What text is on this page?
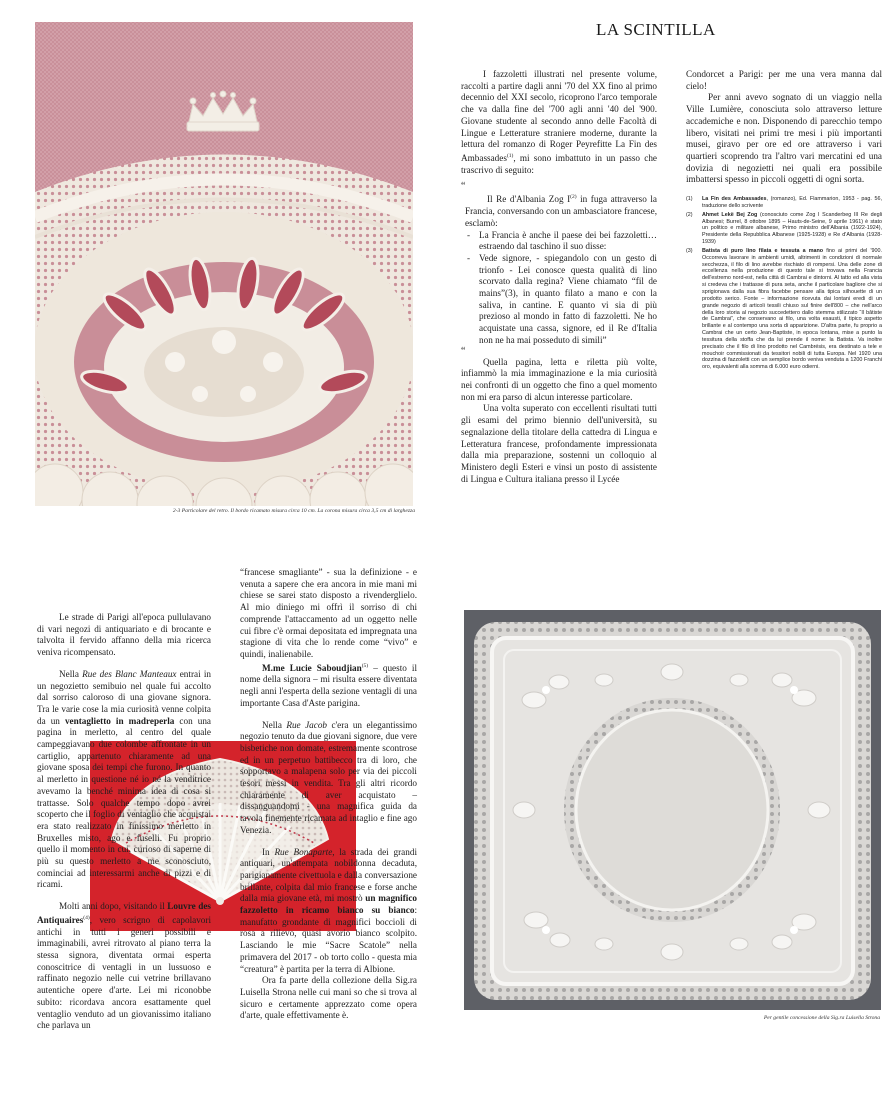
2-3 Particolare del retro. Il bordo ricamato misura circa 10 cm. La corona misura circa 3,5 cm di larghezza
LA SCINTILLA

I fazzoletti illustrati nel presente volume, raccolti a partire dagli anni '70 del XX fino al primo decennio del XXI secolo, ricoprono l'arco temporale che va dalla fine del '700 agli anni '40 del '900. Giovane studente al secondo anno delle Facoltà di Lingue e Letterature straniere moderne, durante la lettura del romanzo di Roger Peyrefitte La Fin des Ambassades$^{(1)}$, mi sono imbattuto in un passo che trascrivo di seguito:

“

Il Re d'Albania Zog $I^{(2)}$ in fuga attraverso la Francia, conversando con un ambasciatore francese, esclamò:

- La Francia è anche il paese dei bei fazzoletti…estraendo dal taschino il suo disse:
- Vede signore, - spiegandolo con un gesto di trionfo - Lei conosce questa qualità di lino scorvato dalla regina? Viene chiamato “fil de mains”(3), in quanto filato a mano e con la saliva, in cantine. E quanto vi sia di più prezioso al mondo in fatto di fazzoletti. Ne ho acquistate una cassa, signore, ed il Re d'Italia non ne ha mai posseduto di simili”
“

Quella pagina, letta e riletta più volte, infiammò la mia immaginazione e la mia curiosità nei confronti di un oggetto che fino a quel momento non mi era parso di alcun interesse particolare.

Una volta superato con eccellenti risultati tutti gli esami del primo biennio dell'università, su segnalazione della titolare della cattedra di Lingua e Letteratura francese, profondamente impressionata dalla mia preparazione, sostenni un colloquio al Ministero degli Esteri e vinsi un posto di assistente di Lingua e Cultura italiana presso il Lycée

Condorcet a Parigi: per me una vera manna dal cielo!

Per anni avevo sognato di un viaggio nella Ville Lumière, conosciuta solo attraverso letture accademiche e non. Disponendo di parecchio tempo libero, visitati nei primi tre mesi i più importanti musei, giravo per ore ed ore attraverso i vari quartieri scoprendo tra l'altro vari mercatini ed una dovizia di negozietti nei quali era possibile imbattersi spesso in piccoli oggetti di ogni sorta.

(1)	La Fin des Ambassades, (romanzo), Ed. Flammarion, 1953 - pag. 56, traduzione dello scrivente
(2)	Ahmet Lekë Bej Zog (conosciuto come Zog I Scanderbeg III Re degli Albanesi; Burrel, 8 ottobre 1895 – Hauts-de-Seine, 9 aprile 1961) è stato un politico e militare albanese, Primo ministro dell'Albania (1922-1924), Presidente della Repubblica Albanese (1925-1928) e Re d'Albania (1928-1939)
(3)	Batista di puro lino filata e tessuta a mano fino ai primi del '900. Occorreva lavorare in ambienti umidi, altrimenti in condizioni di normale secchezza, il filo di lino avrebbe rischiato di rompersi. Una delle zone di eccellenza nella produzione di questo tale si trovava nella Francia dell'estremo nord-est, nella città di Cambrai e dintorni. Al tatto ed alla vista si credeva che i trattasse di pura seta, anche il particolare bagliore che si sprigionava dalla sua fibra facebbe pensare alla tipica silhouette di un prodotto serico. Fonte – informazione ricevuta dai lontani eredi di un grande negozio di articoli tessili chiuso sul finire dell'800 – che nell'arco della loro storia al negozio succedettero dallo stemma stilizzato “Il bâtiste de Cambrai”, che conservano ai filo, una volta esausti, il tipico aspetto brillante e al contempo una sorta di apparizione. D'altra parte, fu proprio a Cambrai che un certo Jean-Baptiste, in epoca lontana, mise a punto la tessitura della stoffa che da lui prende il nome: la Batista. Va inoltre precisato che il filo di lino prodotto nel Cambrésis, era destinato a tele e mouchoir commissionati da tessitori nobili di tutta Europa. Nel 1920 una dozzina di fazzoletti con un semplice bordo veniva venduta a 1200 Franchi oro, equivalenti alla somma di 6.000 euro odierni.

Le strade di Parigi all'epoca pullulavano di vari negozi di antiquariato e di brocante e talvolta il fervido affanno della mia ricerca veniva ricompensato.

Nella Rue des Blanc Manteaux entrai in un negozietto semibuio nel quale fui accolto dal sorriso caloroso di una giovane signora. Tra le varie cose la mia curiosità venne colpita da un ventaglietto in madreperla con una pagina in merletto, al centro del quale campeggiavano due colombe affrontate in un cartiglio, appartenuto chiaramente ad una giovane sposa dei tempi che furono. In quanto al merletto in questione né io né la venditrice avevamo la benché minima idea di cosa si trattasse. Solo qualche tempo dopo avrei scoperto che il foglio di ventaglio che acquistai era stato realizzato in finissimo merletto in Bruxelles misto, ago e fuselli. Fu proprio quello il momento in cui, curioso di saperne di più su questo merletto a me sconosciuto, cominciai ad interessarmi anche di pizzi e di ricami.

Molti anni dopo, visitando il Louvre des Antiquaires$^{(4)}$, vero scrigno di capolavori antichi in tutti i generi possibili e immaginabili, avrei ritrovato al piano terra la stessa signora, diventata ormai esperta conoscitrice di ventagli in un lussuoso e raffinato negozio nelle cui vetrine brillavano autentiche opere d'arte. Lei mi riconobbe subito: ricordava ancora esattamente quel ventaglio venduto ad un giovanissimo italiano che parlava un

“francese smagliante” - sua la definizione - e venuta a sapere che era ancora in mie mani mi chiese se sarei stato disposto a rivenderglielo. Al mio diniego mi offrì il sorriso di chi comprende l'attaccamento ad un oggetto nelle cui fibre c'è ormai depositata ed impregnata una stagione di vita che lo rende come “vivo” e quindi, inalienabile.

M.me Lucie Saboudjian$^{(5)}$ – questo il nome della signora – mi risulta essere diventata negli anni l'esperta della sezione ventagli di una importante Casa d'Aste parigina.

Nella Rue Jacob c'era un elegantissimo negozio tenuto da due giovani signore, due vere bisbetiche non domate, estremamente scontrose ed in un perpetuo battibecco tra di loro, che sopportavo a malapena solo per via dei piccoli tesori messi in vendita. Tra gli altri ricordo chiaramente di aver acquistato – dissanguandomi - una magnifica guida da tavola finemente ricamata ad intaglio e fine ago Venezia.

In Rue Bonaparte, la strada dei grandi antiquari, un'attempata nobildonna decaduta, parigianamente civettuola e dalla conversazione brillante, colpita dal mio francese e forse anche dalla mia giovane età, mi mostrò un magnifico fazzoletto in ricamo bianco su bianco: manufatto grondante di magnifici boccioli di rosa a rilievo, quasi avorio bianco scolpito. Lasciando le mie “Sacre Scatole” nella primavera del 2017 - ob torto collo - questa mia “creatura” è partita per la terra di Albione.

Ora fa parte della collezione della Sig.ra Luisella Strona nelle cui mani so che si trova al sicuro e certamente apprezzato come opera d'arte, quale effettivamente è.	Per gentile concessione della Sig.ra Luisella Strona
